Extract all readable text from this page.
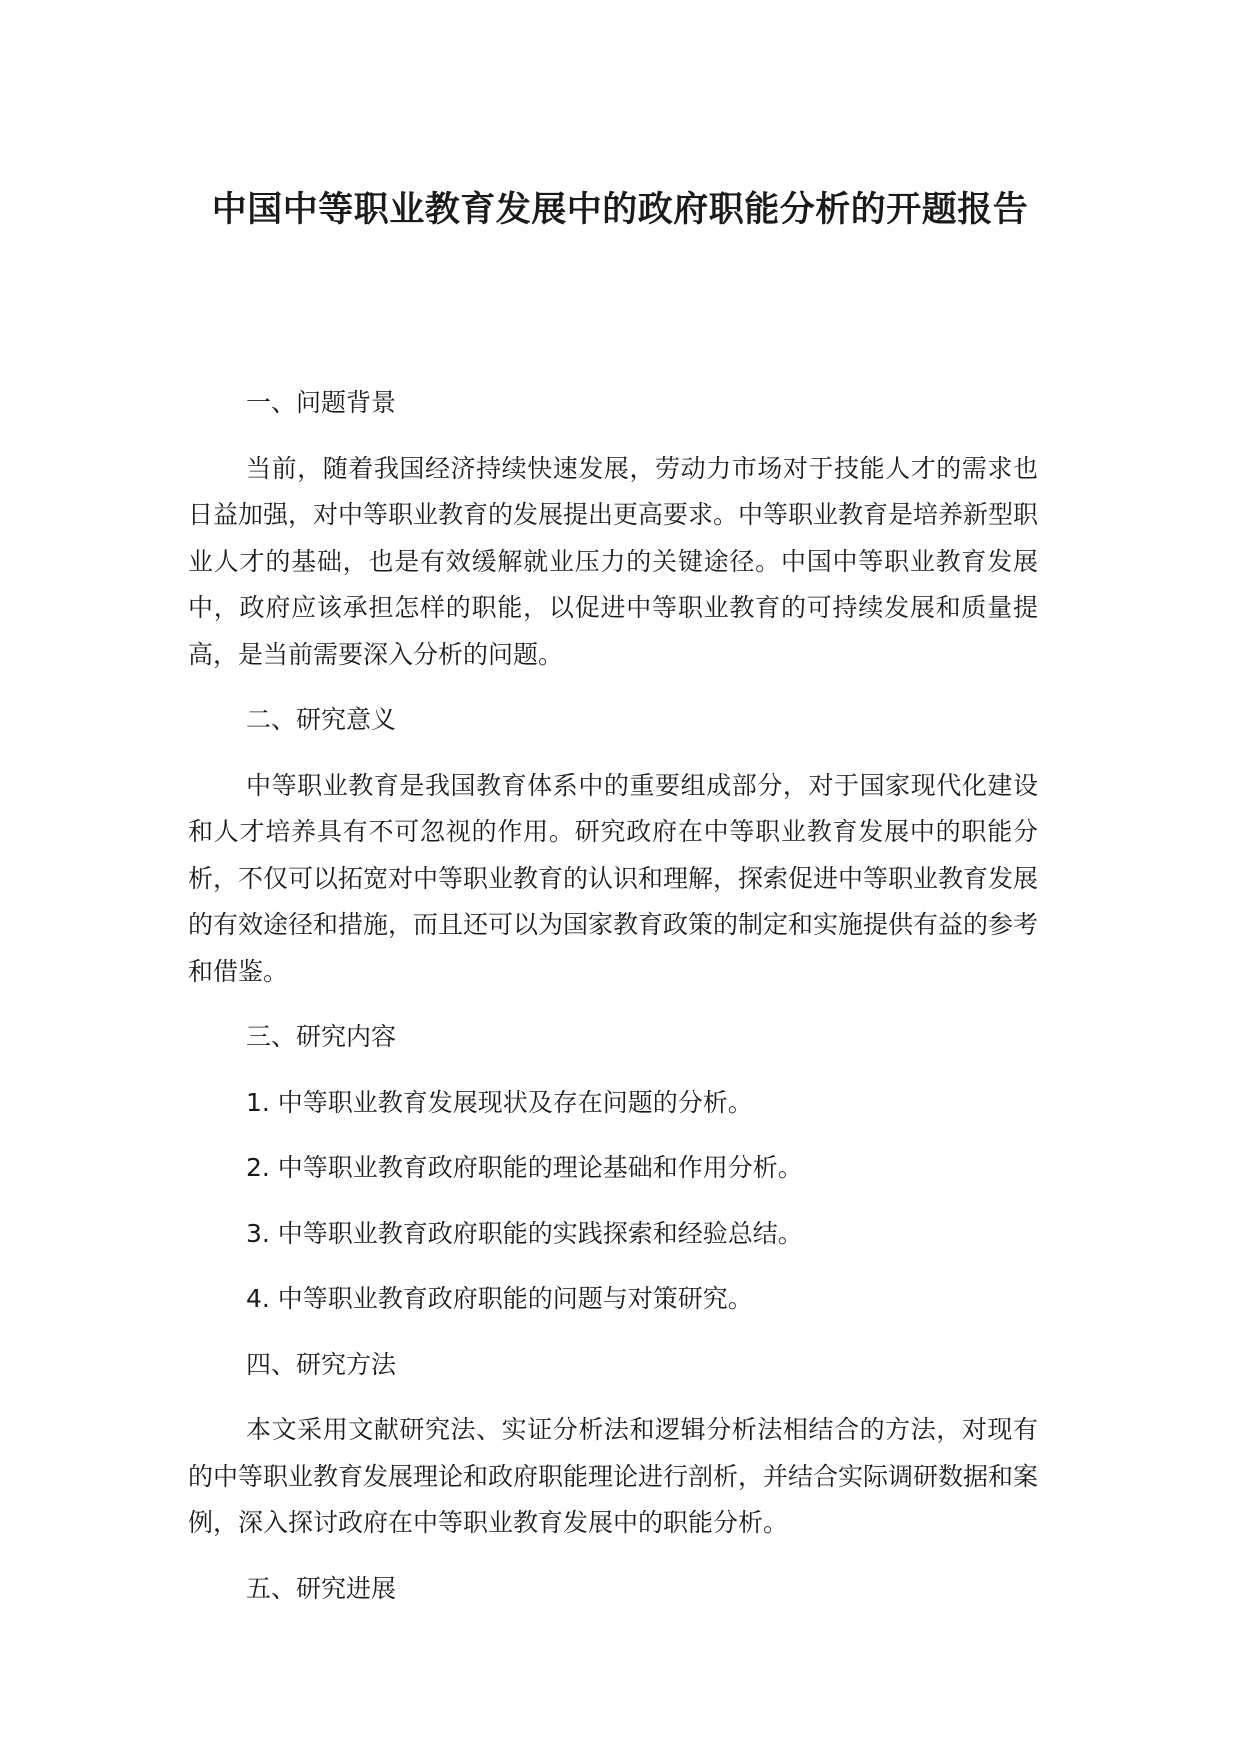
中国中等职业教育发展中的政府职能分析的开题报告

一、问题背景

当前，随着我国经济持续快速发展，劳动力市场对于技能人才的需求也日益加强，对中等职业教育的发展提出更高要求。中等职业教育是培养新型职业人才的基础，也是有效缓解就业压力的关键途径。中国中等职业教育发展中，政府应该承担怎样的职能，以促进中等职业教育的可持续发展和质量提高，是当前需要深入分析的问题。

二、研究意义

中等职业教育是我国教育体系中的重要组成部分，对于国家现代化建设和人才培养具有不可忽视的作用。研究政府在中等职业教育发展中的职能分析，不仅可以拓宽对中等职业教育的认识和理解，探索促进中等职业教育发展的有效途径和措施，而且还可以为国家教育政策的制定和实施提供有益的参考和借鉴。

三、研究内容

1. 中等职业教育发展现状及存在问题的分析。

2. 中等职业教育政府职能的理论基础和作用分析。

3. 中等职业教育政府职能的实践探索和经验总结。

4. 中等职业教育政府职能的问题与对策研究。

四、研究方法

本文采用文献研究法、实证分析法和逻辑分析法相结合的方法，对现有的中等职业教育发展理论和政府职能理论进行剖析，并结合实际调研数据和案例，深入探讨政府在中等职业教育发展中的职能分析。

五、研究进展
